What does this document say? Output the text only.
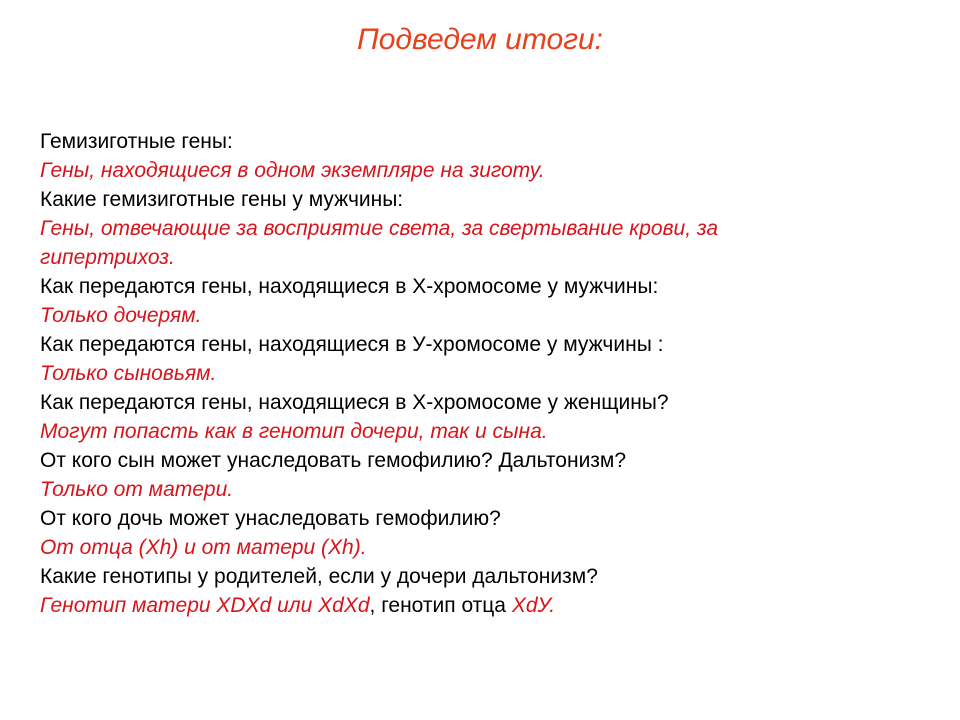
Подведем итоги:
Гемизиготные гены:
Гены, находящиеся в одном экземпляре на зиготу.
Какие гемизиготные гены у мужчины:
Гены, отвечающие за восприятие света, за свертывание крови, за
гипертрихоз.
Как передаются гены, находящиеся в Х-хромосоме у мужчины:
Только дочерям.
Как передаются гены, находящиеся в У-хромосоме у мужчины :
Только сыновьям.
Как передаются гены, находящиеся в Х-хромосоме у женщины?
Могут попасть как в генотип дочери, так и сына.
От кого сын может унаследовать гемофилию? Дальтонизм?
Только от матери.
От кого дочь может унаследовать гемофилию?
От отца (Xh) и от матери (Xh).
Какие генотипы у родителей, если у дочери дальтонизм?
Генотип матери XDXd или XdXd, генотип отца XdУ.
